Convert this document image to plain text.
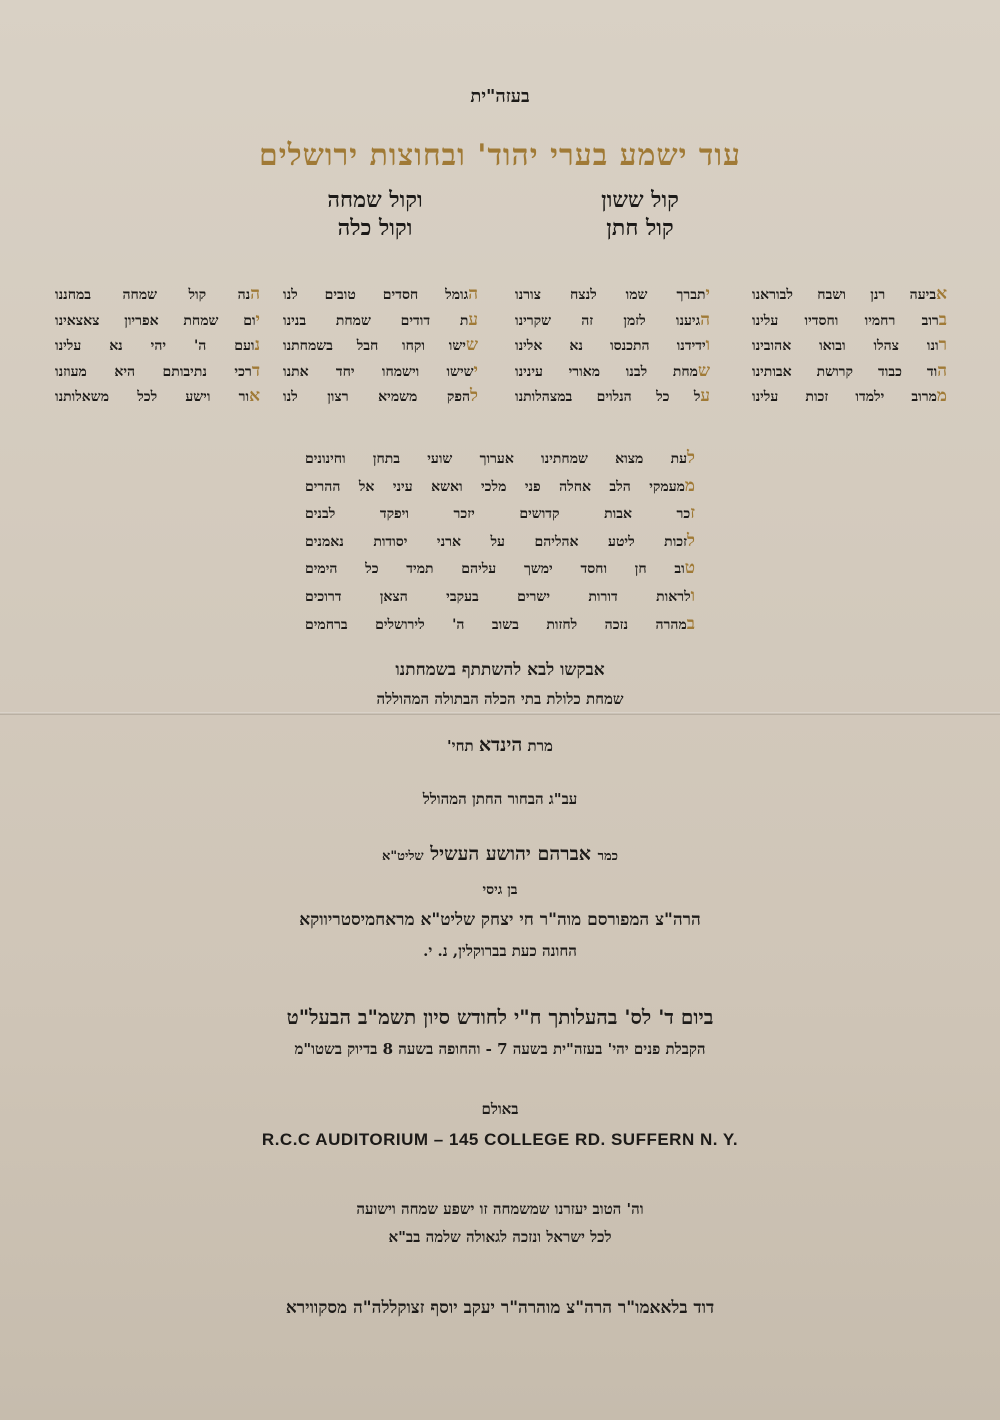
בעזה"ית
עוד ישמע בערי יהוד' ובחוצות ירושלים
קול ששון
קול חתן
וקול שמחה
וקול כלה
אביעה רנן ושבח לבוראנו
ברוב רחמיו וחסדיו עלינו
רונו צהלו ובואו אהובינו
הוד כבוד קרושת אבותינו
ממרוב ילמדו זכות עלינו
יתברך שמו לנצח צורנו
הגיענו לזמן זה שקרינו
וידידנו התכנסו נא אלינו
שמחת לבנו מאורי עינינו
על כל הנלוים במצהלותנו
הגומל חסדים טובים לנו
עת דודים שמחת בנינו
שישו וקחו חבל בשמחתנו
ישישו וישמחו יחד אתנו
להפק משמיא רצון לנו
הנה קול שמחה במחננו
יום שמחת אפריון צאצאינו
נועם ה' יהי נא עלינו
דרכי נתיבותם היא מעוזנו
אור וישע לכל משאלותנו
לעת מצוא שמחתינו אערוך שועי בתחן וחינונים
ממעמקי הלב אחלה פני מלכי ואשא עיני אל ההרים
זכר אבות קדושים יזכר ויפקד לבנים
לזכות ליטע אהליהם על ארני יסודות נאמנים
טוב חן וחסד ימשך עליהם תמיד כל הימים
ולראות דורות ישרים בעקבי הצאן דרוכים
במהרה נזכה לחזות בשוב ה' לירושלים ברחמים
אבקשו לבא להשתתף בשמחתנו
שמחת כלולת בתי הכלה הבתולה המהוללה
מרת הינדא תחי'
עב"ג הבחור החתן המהולל
כמר אברהם יהושע העשיל שליט"א
בן גיסי
הרה"צ המפורסם מוה"ר חי יצחק שליט"א מראחמיסטריווקא
החונה כעת בברוקלין, נ. י.
ביום ד' לס' בהעלותך ח"י לחודש סיון תשמ"ב הבעל"ט
הקבלת פנים יהי' בעזה"ית בשעה 7 - והחופה בשעה 8 בדיוק בשטו"מ
באולם
R.C.C AUDITORIUM – 145 COLLEGE RD. SUFFERN N. Y.
וה' הטוב יעזרנו שמשמחה זו ישפע שמחה וישועה
לכל ישראל ונזכה לגאולה שלמה בב"א
דוד בלאאמו"ר הרה"צ מוהרה"ר יעקב יוסף זצוקללה"ה מסקווירא
